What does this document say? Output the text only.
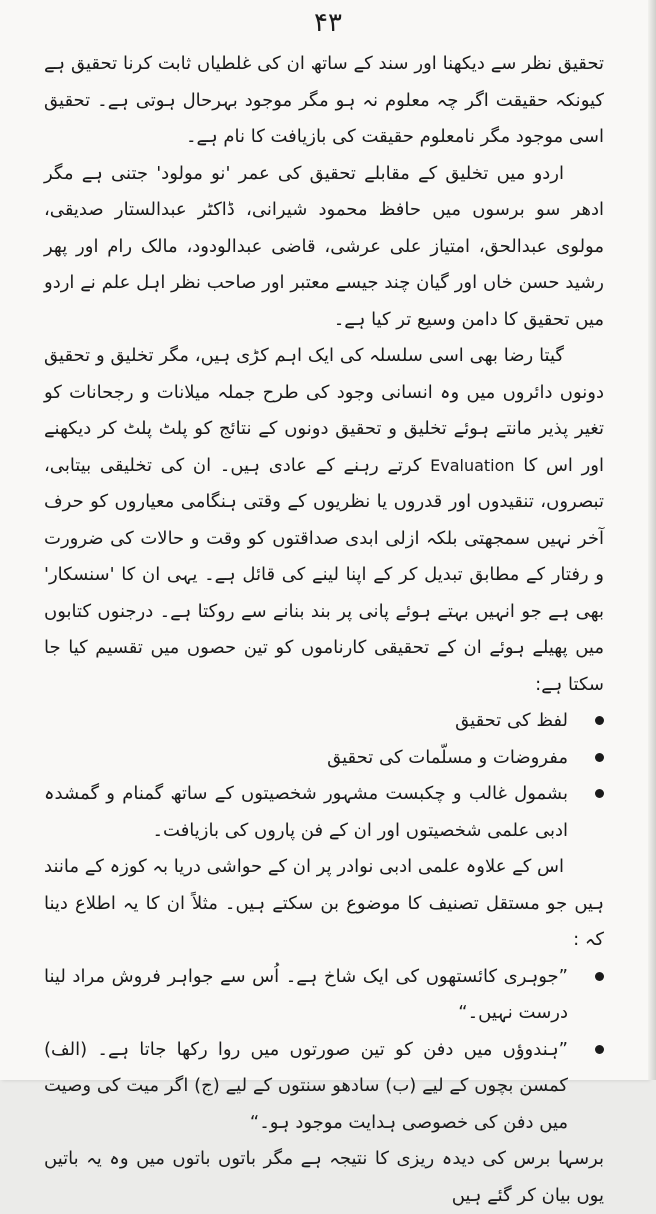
۴۳

تحقیق نظر سے دیکھنا اور سند کے ساتھ ان کی غلطیاں ثابت کرنا تحقیق ہے کیونکہ حقیقت اگر چہ معلوم نہ ہو مگر موجود بہرحال ہوتی ہے۔ تحقیق اسی موجود مگر نامعلوم حقیقت کی بازیافت کا نام ہے۔

اردو میں تخلیق کے مقابلے تحقیق کی عمر 'نو مولود' جتنی ہے مگر ادھر سو برسوں میں حافظ محمود شیرانی، ڈاکٹر عبدالستار صدیقی، مولوی عبدالحق، امتیاز علی عرشی، قاضی عبدالودود، مالک رام اور پھر رشید حسن خاں اور گیان چند جیسے معتبر اور صاحب نظر اہل علم نے اردو میں تحقیق کا دامن وسیع تر کیا ہے۔

گیتا رضا بھی اسی سلسلہ کی ایک اہم کڑی ہیں، مگر تخلیق و تحقیق دونوں دائروں میں وہ انسانی وجود کی طرح جملہ میلانات و رجحانات کو تغیر پذیر مانتے ہوئے تخلیق و تحقیق دونوں کے نتائج کو پلٹ پلٹ کر دیکھنے اور اس کا Evaluation کرتے رہنے کے عادی ہیں۔ ان کی تخلیقی بیتابی، تبصروں، تنقیدوں اور قدروں یا نظریوں کے وقتی ہنگامی معیاروں کو حرف آخر نہیں سمجھتی بلکہ ازلی ابدی صداقتوں کو وقت و حالات کی ضرورت و رفتار کے مطابق تبدیل کر کے اپنا لینے کی قائل ہے۔ یہی ان کا 'سنسکار' بھی ہے جو انہیں بہتے ہوئے پانی پر بند بنانے سے روکتا ہے۔ درجنوں کتابوں میں پھیلے ہوئے ان کے تحقیقی کارناموں کو تین حصوں میں تقسیم کیا جا سکتا ہے:

لفظ کی تحقیق
مفروضات و مسلّمات کی تحقیق
بشمول غالب و چکبست مشہور شخصیتوں کے ساتھ گمنام و گمشدہ ادبی علمی شخصیتوں اور ان کے فن پاروں کی بازیافت۔

اس کے علاوہ علمی ادبی نوادر پر ان کے حواشی دریا بہ کوزہ کے مانند ہیں جو مستقل تصنیف کا موضوع بن سکتے ہیں۔ مثلاً ان کا یہ اطلاع دینا کہ :

”جوہری کائستھوں کی ایک شاخ ہے۔ اُس سے جواہر فروش مراد لینا درست نہیں۔“
”ہندوؤں میں دفن کو تین صورتوں میں روا رکھا جاتا ہے۔ (الف) کمسن بچوں کے لیے (ب) سادھو سنتوں کے لیے (ج) اگر میت کی وصیت میں دفن کی خصوصی ہدایت موجود ہو۔“

برسہا برس کی دیدہ ریزی کا نتیجہ ہے مگر باتوں باتوں میں وہ یہ باتیں یوں بیان کر گئے ہیں
